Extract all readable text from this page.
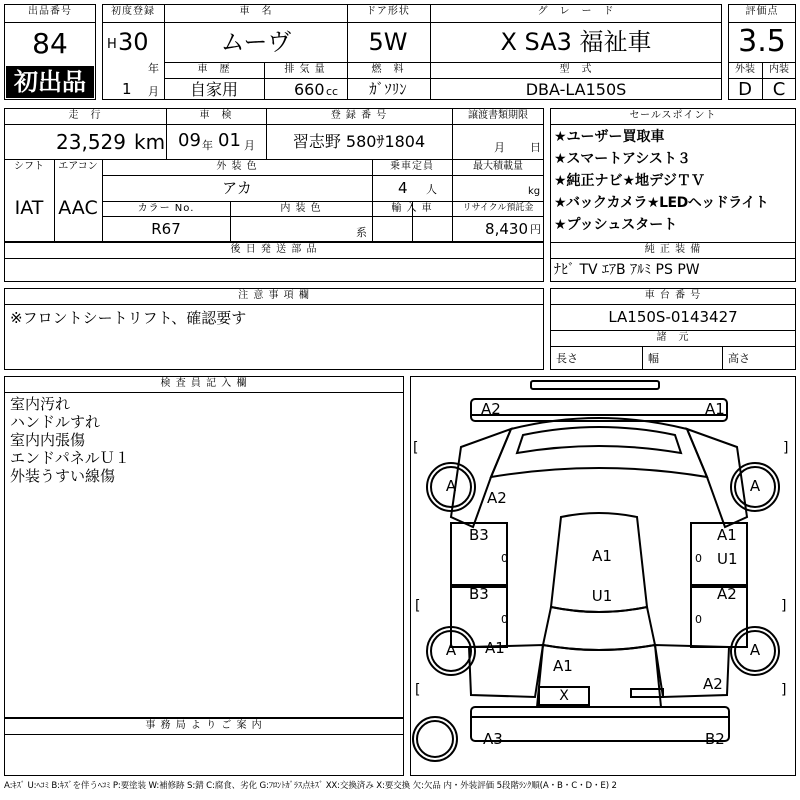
出品番号
84
初出品
初度登録
H 30
年
1 月
車　名
ムーヴ
ドア形状
5W
グ　レ　ー　ド
X SA3 福祉車
車　歴
自家用
排 気 量
660 cc
燃　料
ｶﾞｿﾘﾝ
型　式
DBA-LA150S
評価点
3.5
外装 内装
D C
走　行
23,529 km
車　検
09 年 01 月
登 録 番 号
習志野 580ｻ1804
譲渡書類期限
月 日
シフト
IAT
エアコン
AAC
外 装 色
アカ
乗車定員
4 人
最大積載量
kg
カラー No.
R67
内 装 色
系
輸 入 車	リサイクル預託金
8,430 円
後 日 発 送 部 品
セールスポイント
★ユーザー買取車
★スマートアシスト３
★純正ナビ★地デジＴＶ
★バックカメラ★LEDヘッドライト
★プッシュスタート
純 正 装 備
ﾅﾋﾞ TV ｴｱB ｱﾙﾐ PS PW
注 意 事 項 欄
※フロントシートリフト、確認要す
車 台 番 号
LA150S-0143427
諸　元
長さ	幅	高さ
検 査 員 記 入 欄
室内汚れ
ハンドルすれ
室内内張傷
エンドパネルＵ１
外装うすい線傷
事 務 局 よ り ご 案 内
[
[
[
]
]
]
A2	A1
A	A
A	A
A2
B3
0
B3
0
A1
U1
0
A2
0
A1
U1
A1
A1
X
A2
A3	B2
A:ｷｽﾞ U:ﾍｺﾐ B:ｷｽﾞを伴うﾍｺﾐ P:要塗装 W:補修跡 S:錆 C:腐食、劣化 G:ﾌﾛﾝﾄｶﾞﾗｽ点ｷｽﾞ XX:交換済み X:要交換 欠:欠品 内・外装評価 5段階ﾗﾝｸ順(A・B・C・D・E) 2
